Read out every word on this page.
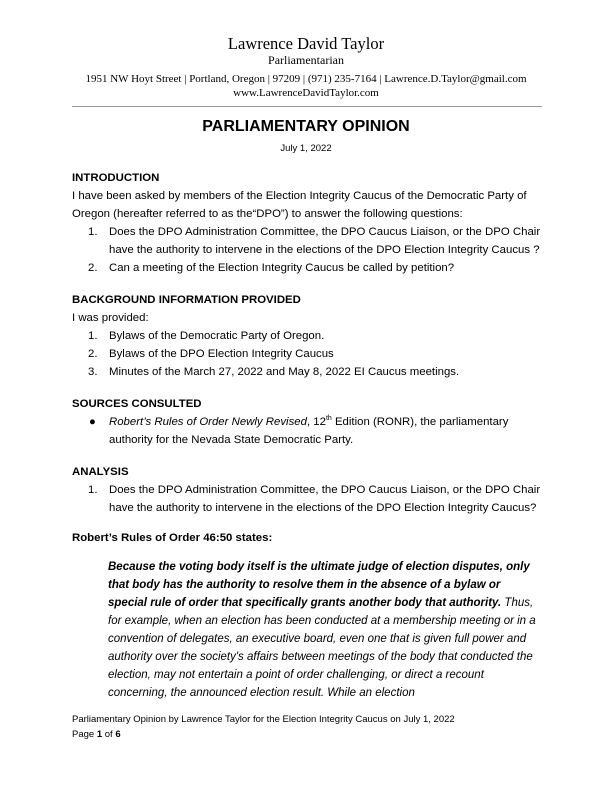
Lawrence David Taylor
Parliamentarian
1951 NW Hoyt Street | Portland, Oregon | 97209 | (971) 235-7164 | Lawrence.D.Taylor@gmail.com
www.LawrenceDavidTaylor.com
PARLIAMENTARY OPINION
July 1, 2022

INTRODUCTION

I have been asked by members of the Election Integrity Caucus of the Democratic Party of Oregon (hereafter referred to as the“DPO”) to answer the following questions:

1. Does the DPO Administration Committee, the DPO Caucus Liaison, or the DPO Chair have the authority to intervene in the elections of the DPO Election Integrity Caucus ?
2. Can a meeting of the Election Integrity Caucus be called by petition?

BACKGROUND INFORMATION PROVIDED

I was provided:

1. Bylaws of the Democratic Party of Oregon.
2. Bylaws of the DPO Election Integrity Caucus
3. Minutes of the March 27, 2022 and May 8, 2022 EI Caucus meetings.

SOURCES CONSULTED

● Robert’s Rules of Order Newly Revised, 12th Edition (RONR), the parliamentary authority for the Nevada State Democratic Party.

ANALYSIS

1. Does the DPO Administration Committee, the DPO Caucus Liaison, or the DPO Chair have the authority to intervene in the elections of the DPO Election Integrity Caucus?

Robert’s Rules of Order 46:50 states:

Because the voting body itself is the ultimate judge of election disputes, only that body has the authority to resolve them in the absence of a bylaw or special rule of order that specifically grants another body that authority. Thus, for example, when an election has been conducted at a membership meeting or in a convention of delegates, an executive board, even one that is given full power and authority over the society's affairs between meetings of the body that conducted the election, may not entertain a point of order challenging, or direct a recount concerning, the announced election result. While an election

Parliamentary Opinion by Lawrence Taylor for the Election Integrity Caucus on July 1, 2022
Page 1 of 6
